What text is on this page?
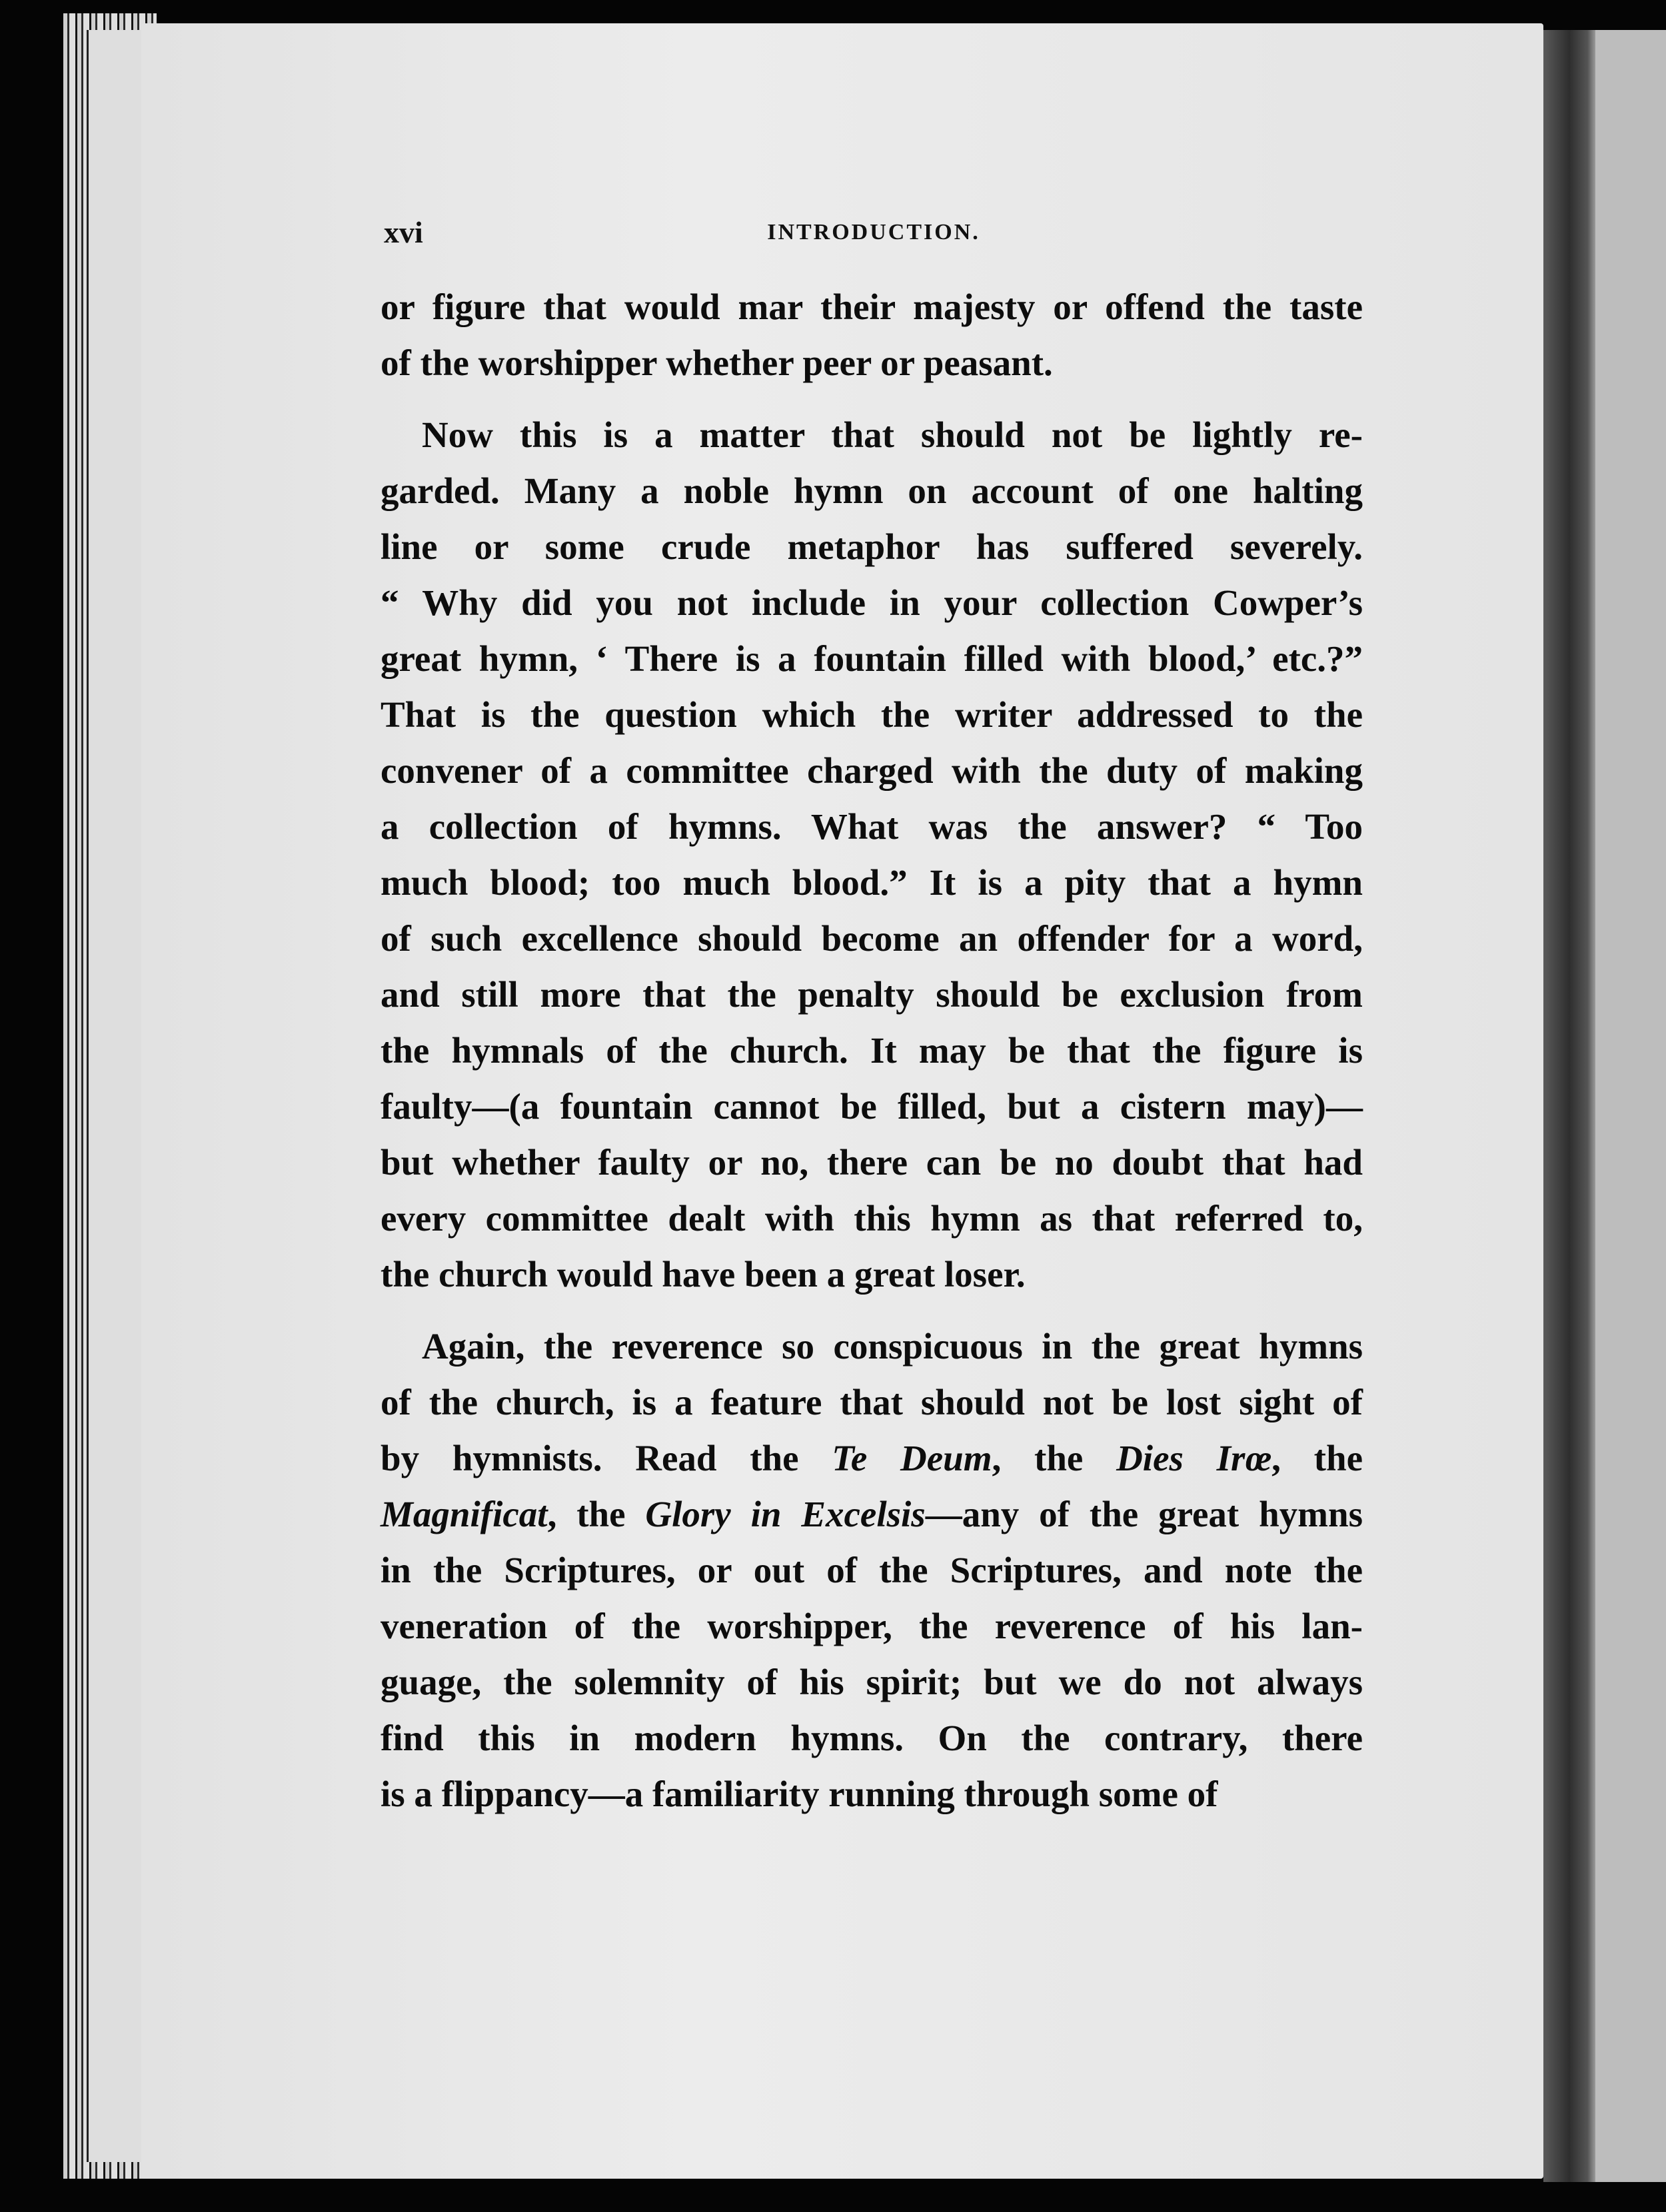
xvi	INTRODUCTION.
or figure that would mar their majesty or offend the taste
of the worshipper whether peer or peasant.
Now this is a matter that should not be lightly re-
garded. Many a noble hymn on account of one halting
line or some crude metaphor has suffered severely.
“ Why did you not include in your collection Cowper’s
great hymn, ‘ There is a fountain filled with blood,’ etc.?”
That is the question which the writer addressed to the
convener of a committee charged with the duty of making
a collection of hymns. What was the answer? “ Too
much blood; too much blood.” It is a pity that a hymn
of such excellence should become an offender for a word,
and still more that the penalty should be exclusion from
the hymnals of the church. It may be that the figure is
faulty—(a fountain cannot be filled, but a cistern may)—
but whether faulty or no, there can be no doubt that had
every committee dealt with this hymn as that referred to,
the church would have been a great loser.
Again, the reverence so conspicuous in the great hymns
of the church, is a feature that should not be lost sight of
by hymnists. Read the Te Deum, the Dies Irœ, the
Magnificat, the Glory in Excelsis—any of the great hymns
in the Scriptures, or out of the Scriptures, and note the
veneration of the worshipper, the reverence of his lan-
guage, the solemnity of his spirit; but we do not always
find this in modern hymns. On the contrary, there
is a flippancy—a familiarity running through some of
